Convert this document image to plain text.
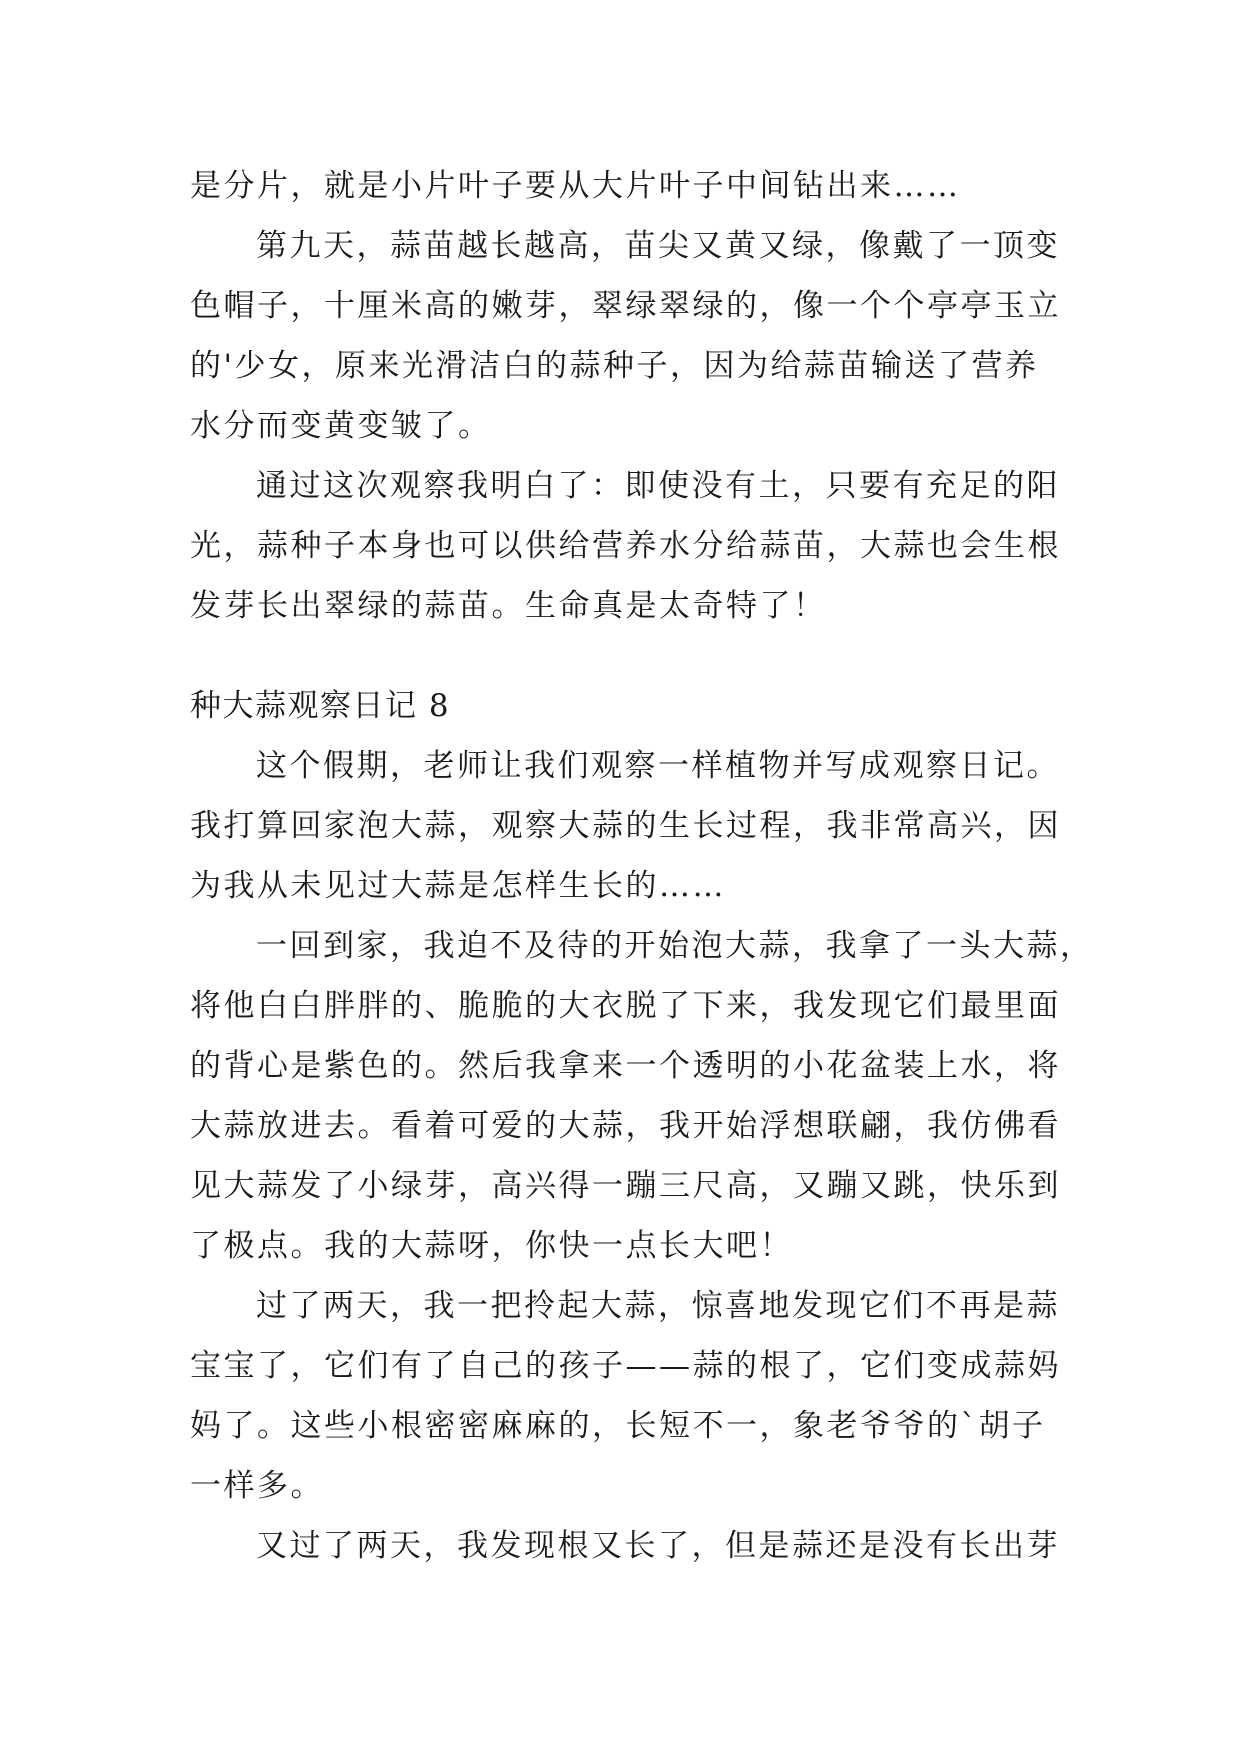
是分片，就是小片叶子要从大片叶子中间钻出来……
第九天，蒜苗越长越高，苗尖又黄又绿，像戴了一顶变
色帽子，十厘米高的嫩芽，翠绿翠绿的，像一个个亭亭玉立
的'少女，原来光滑洁白的蒜种子，因为给蒜苗输送了营养
水分而变黄变皱了。
通过这次观察我明白了：即使没有土，只要有充足的阳
光，蒜种子本身也可以供给营养水分给蒜苗，大蒜也会生根
发芽长出翠绿的蒜苗。生命真是太奇特了！
种大蒜观察日记 8
这个假期，老师让我们观察一样植物并写成观察日记。
我打算回家泡大蒜，观察大蒜的生长过程，我非常高兴，因
为我从未见过大蒜是怎样生长的……
一回到家，我迫不及待的开始泡大蒜，我拿了一头大蒜，
将他白白胖胖的、脆脆的大衣脱了下来，我发现它们最里面
的背心是紫色的。然后我拿来一个透明的小花盆装上水，将
大蒜放进去。看着可爱的大蒜，我开始浮想联翩，我仿佛看
见大蒜发了小绿芽，高兴得一蹦三尺高，又蹦又跳，快乐到
了极点。我的大蒜呀，你快一点长大吧！
过了两天，我一把拎起大蒜，惊喜地发现它们不再是蒜
宝宝了，它们有了自己的孩子——蒜的根了，它们变成蒜妈
妈了。这些小根密密麻麻的，长短不一，象老爷爷的`胡子
一样多。
又过了两天，我发现根又长了，但是蒜还是没有长出芽
